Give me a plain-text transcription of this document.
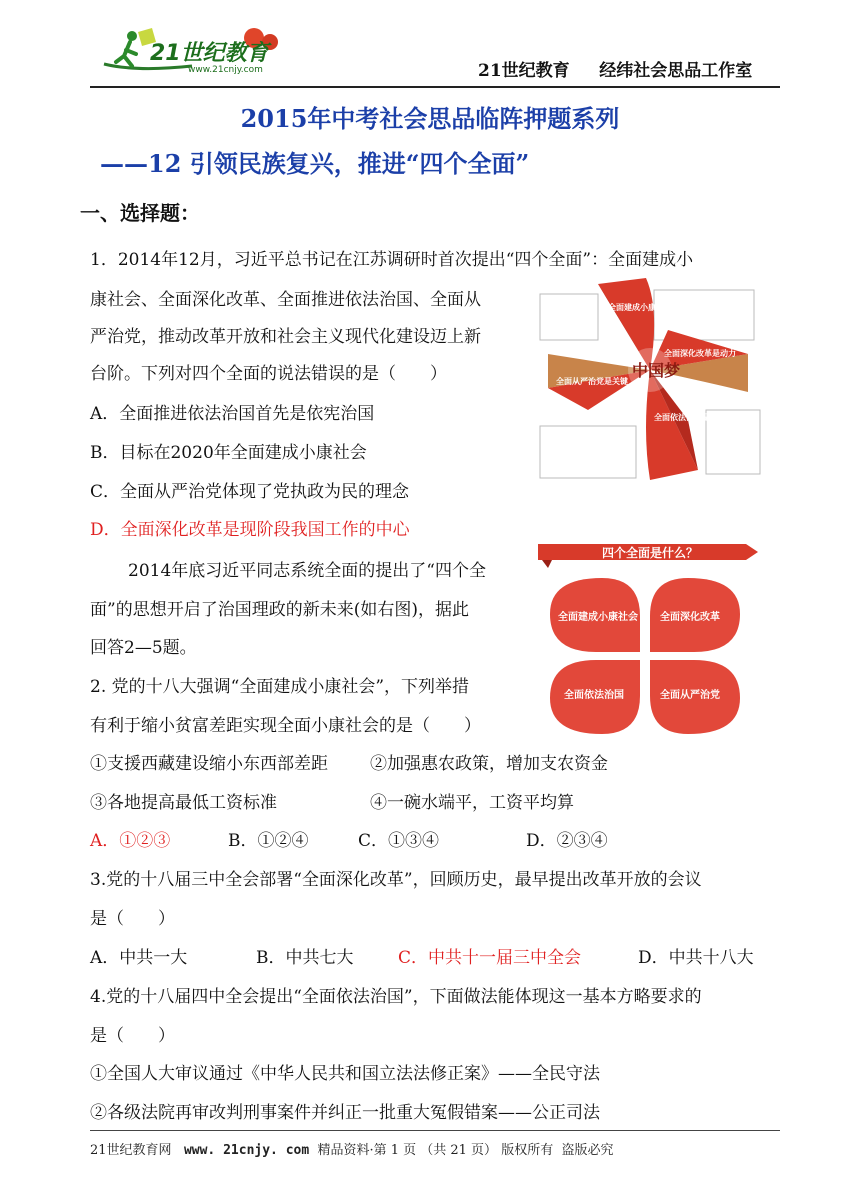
21世纪教育
www.21cnjy.com	21世纪教育     经纬社会思品工作室
2015年中考社会思品临阵押题系列
——12 引领民族复兴，推进“四个全面”
一、选择题：
1．2014年12月，习近平总书记在江苏调研时首次提出“四个全面”：全面建成小
康社会、全面深化改革、全面推进依法治国、全面从
严治党，推动改革开放和社会主义现代化建设迈上新
台阶。下列对四个全面的说法错误的是（　　）
A．全面推进依法治国首先是依宪治国
B．目标在2020年全面建成小康社会
C．全面从严治党体现了党执政为民的理念
D．全面深化改革是现阶段我国工作的中心
中国梦
全面建成小康社会是基础
全面深化改革是动力
全面依法治国是保障
全面从严治党是关键
2014年底习近平同志系统全面的提出了“四个全
面”的思想开启了治国理政的新未来(如右图)，据此
回答2—5题。
四个全面是什么？
全面建成小康社会 全面深化改革
全面依法治国	全面从严治党
2. 党的十八大强调“全面建成小康社会”，下列举措
有利于缩小贫富差距实现全面小康社会的是（　　）
①支援西藏建设缩小东西部差距 ②加强惠农政策，增加支农资金
③各地提高最低工资标准	④一碗水端平，工资平均算
A．①②③	B．①②④	C．①③④	D．②③④
3.党的十八届三中全会部署“全面深化改革”，回顾历史，最早提出改革开放的会议
是（　　）
A．中共一大	B．中共七大	C．中共十一届三中全会	D．中共十八大
4.党的十八届四中全会提出“全面依法治国”，下面做法能体现这一基本方略要求的
是（　　）
①全国人大审议通过《中华人民共和国立法法修正案》——全民守法
②各级法院再审改判刑事案件并纠正一批重大冤假错案——公正司法
21世纪教育网 www. 21cnjy. com 精品资料·第 1 页 （共 21 页） 版权所有  盗版必究
